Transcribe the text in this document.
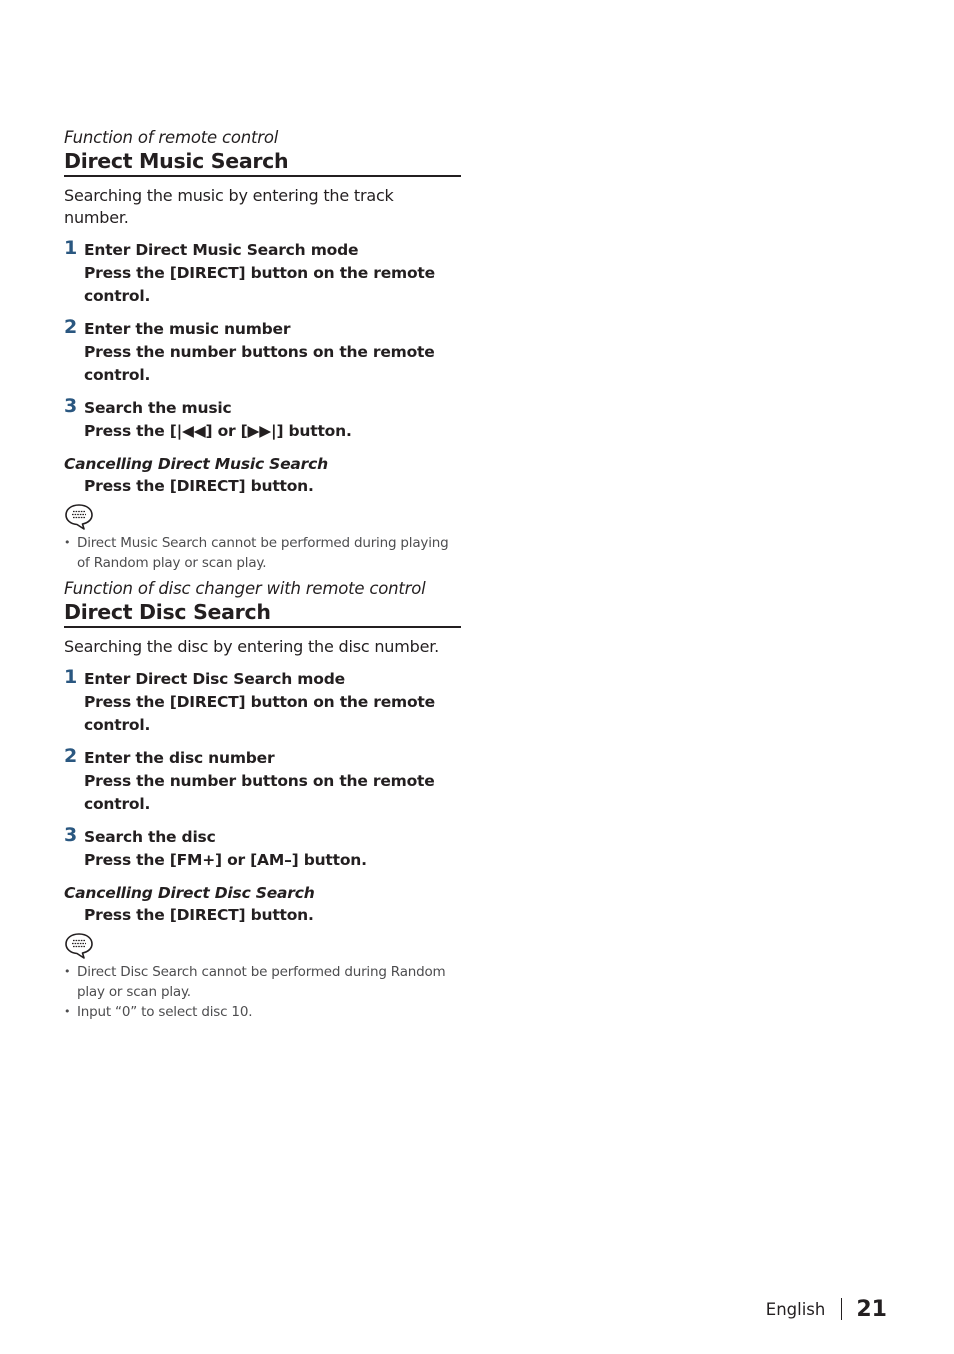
Function of remote control

Direct Music Search

Searching the music by entering the track number.

1 Enter Direct Music Search mode
Press the [DIRECT] button on the remote control.
2 Enter the music number
Press the number buttons on the remote control.
3 Search the music
Press the [|◀◀] or [▶▶|] button.
Cancelling Direct Music Search
Press the [DIRECT] button.
• Direct Music Search cannot be performed during playing of Random play or scan play.

Function of disc changer with remote control

Direct Disc Search

Searching the disc by entering the disc number.

1 Enter Direct Disc Search mode
Press the [DIRECT] button on the remote control.
2 Enter the disc number
Press the number buttons on the remote control.
3 Search the disc
Press the [FM+] or [AM–] button.
Cancelling Direct Disc Search
Press the [DIRECT] button.
• Direct Disc Search cannot be performed during Random play or scan play.
• Input “0” to select disc 10.
English 21
